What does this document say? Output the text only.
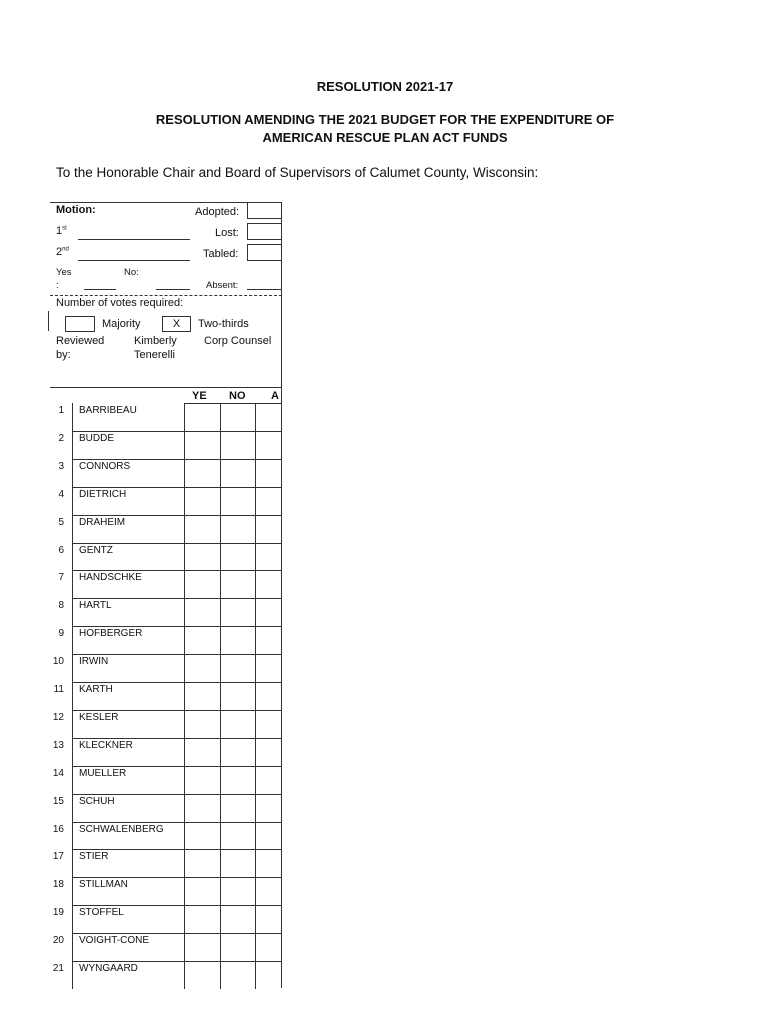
RESOLUTION 2021-17
RESOLUTION AMENDING THE 2021 BUDGET FOR THE EXPENDITURE OF
AMERICAN RESCUE PLAN ACT FUNDS
To the Honorable Chair and Board of Supervisors of Calumet County, Wisconsin:
Motion:
1st
2nd
Adopted:
Lost:
Tabled:
Yes
:
No:
Absent:
Number of votes required:
Majority	X	Two-thirds
Reviewed
by:
Kimberly
Tenerelli
Corp Counsel
YE NO A
1 BARRIBEAU
2 BUDDE
3 CONNORS
4 DIETRICH
5 DRAHEIM
6 GENTZ
7 HANDSCHKE
8 HARTL
9 HOFBERGER
10 IRWIN
11 KARTH
12 KESLER
13 KLECKNER
14 MUELLER
15 SCHUH
16 SCHWALENBERG
17 STIER
18 STILLMAN
19 STOFFEL
20 VOIGHT-CONE
21 WYNGAARD
